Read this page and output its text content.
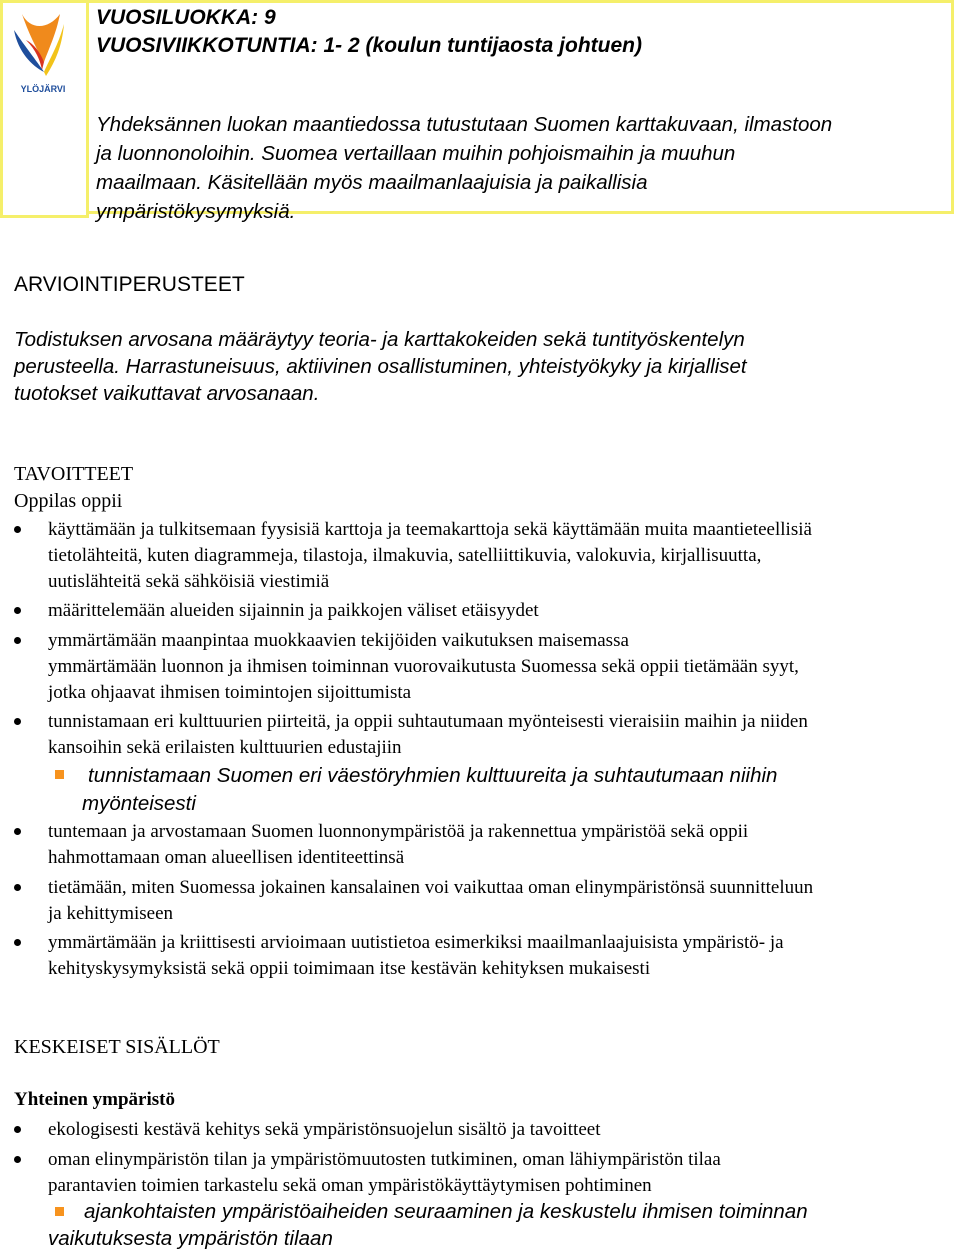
YLÖJÄRVI
VUOSILUOKKA: 9
VUOSIVIIKKOTUNTIA: 1- 2 (koulun tuntijaosta johtuen)
Yhdeksännen luokan maantiedossa tutustutaan Suomen karttakuvaan, ilmastoon
ja luonnonoloihin. Suomea vertaillaan muihin pohjoismaihin ja muuhun
maailmaan. Käsitellään myös maailmanlaajuisia ja paikallisia
ympäristökysymyksiä.
ARVIOINTIPERUSTEET
Todistuksen arvosana määräytyy teoria- ja karttakokeiden sekä tuntityöskentelyn
perusteella. Harrastuneisuus, aktiivinen osallistuminen, yhteistyökyky ja kirjalliset
tuotokset vaikuttavat arvosanaan.
TAVOITTEET
Oppilas oppii
käyttämään ja tulkitsemaan fyysisiä karttoja ja teemakarttoja sekä käyttämään muita maantieteellisiä
tietolähteitä, kuten diagrammeja, tilastoja, ilmakuvia, satelliittikuvia, valokuvia, kirjallisuutta,
uutislähteitä sekä sähköisiä viestimiä
määrittelemään alueiden sijainnin ja paikkojen väliset etäisyydet
ymmärtämään maanpintaa muokkaavien tekijöiden vaikutuksen maisemassa
ymmärtämään luonnon ja ihmisen toiminnan vuorovaikutusta Suomessa sekä oppii tietämään syyt,
jotka ohjaavat ihmisen toimintojen sijoittumista
tunnistamaan eri kulttuurien piirteitä, ja oppii suhtautumaan myönteisesti vieraisiin maihin ja niiden
kansoihin sekä erilaisten kulttuurien edustajiin
tunnistamaan Suomen eri väestöryhmien kulttuureita ja suhtautumaan niihin
myönteisesti
tuntemaan ja arvostamaan Suomen luonnonympäristöä ja rakennettua ympäristöä sekä oppii
hahmottamaan oman alueellisen identiteettinsä
tietämään, miten Suomessa jokainen kansalainen voi vaikuttaa oman elinympäristönsä suunnitteluun
ja kehittymiseen
ymmärtämään ja kriittisesti arvioimaan uutistietoa esimerkiksi maailmanlaajuisista ympäristö- ja
kehityskysymyksistä sekä oppii toimimaan itse kestävän kehityksen mukaisesti
KESKEISET SISÄLLÖT
Yhteinen ympäristö
ekologisesti kestävä kehitys sekä ympäristönsuojelun sisältö ja tavoitteet
oman elinympäristön tilan ja ympäristömuutosten tutkiminen, oman lähiympäristön tilaa
parantavien toimien tarkastelu sekä oman ympäristökäyttäytymisen pohtiminen
ajankohtaisten ympäristöaiheiden seuraaminen ja keskustelu ihmisen toiminnan
vaikutuksesta ympäristön tilaan
